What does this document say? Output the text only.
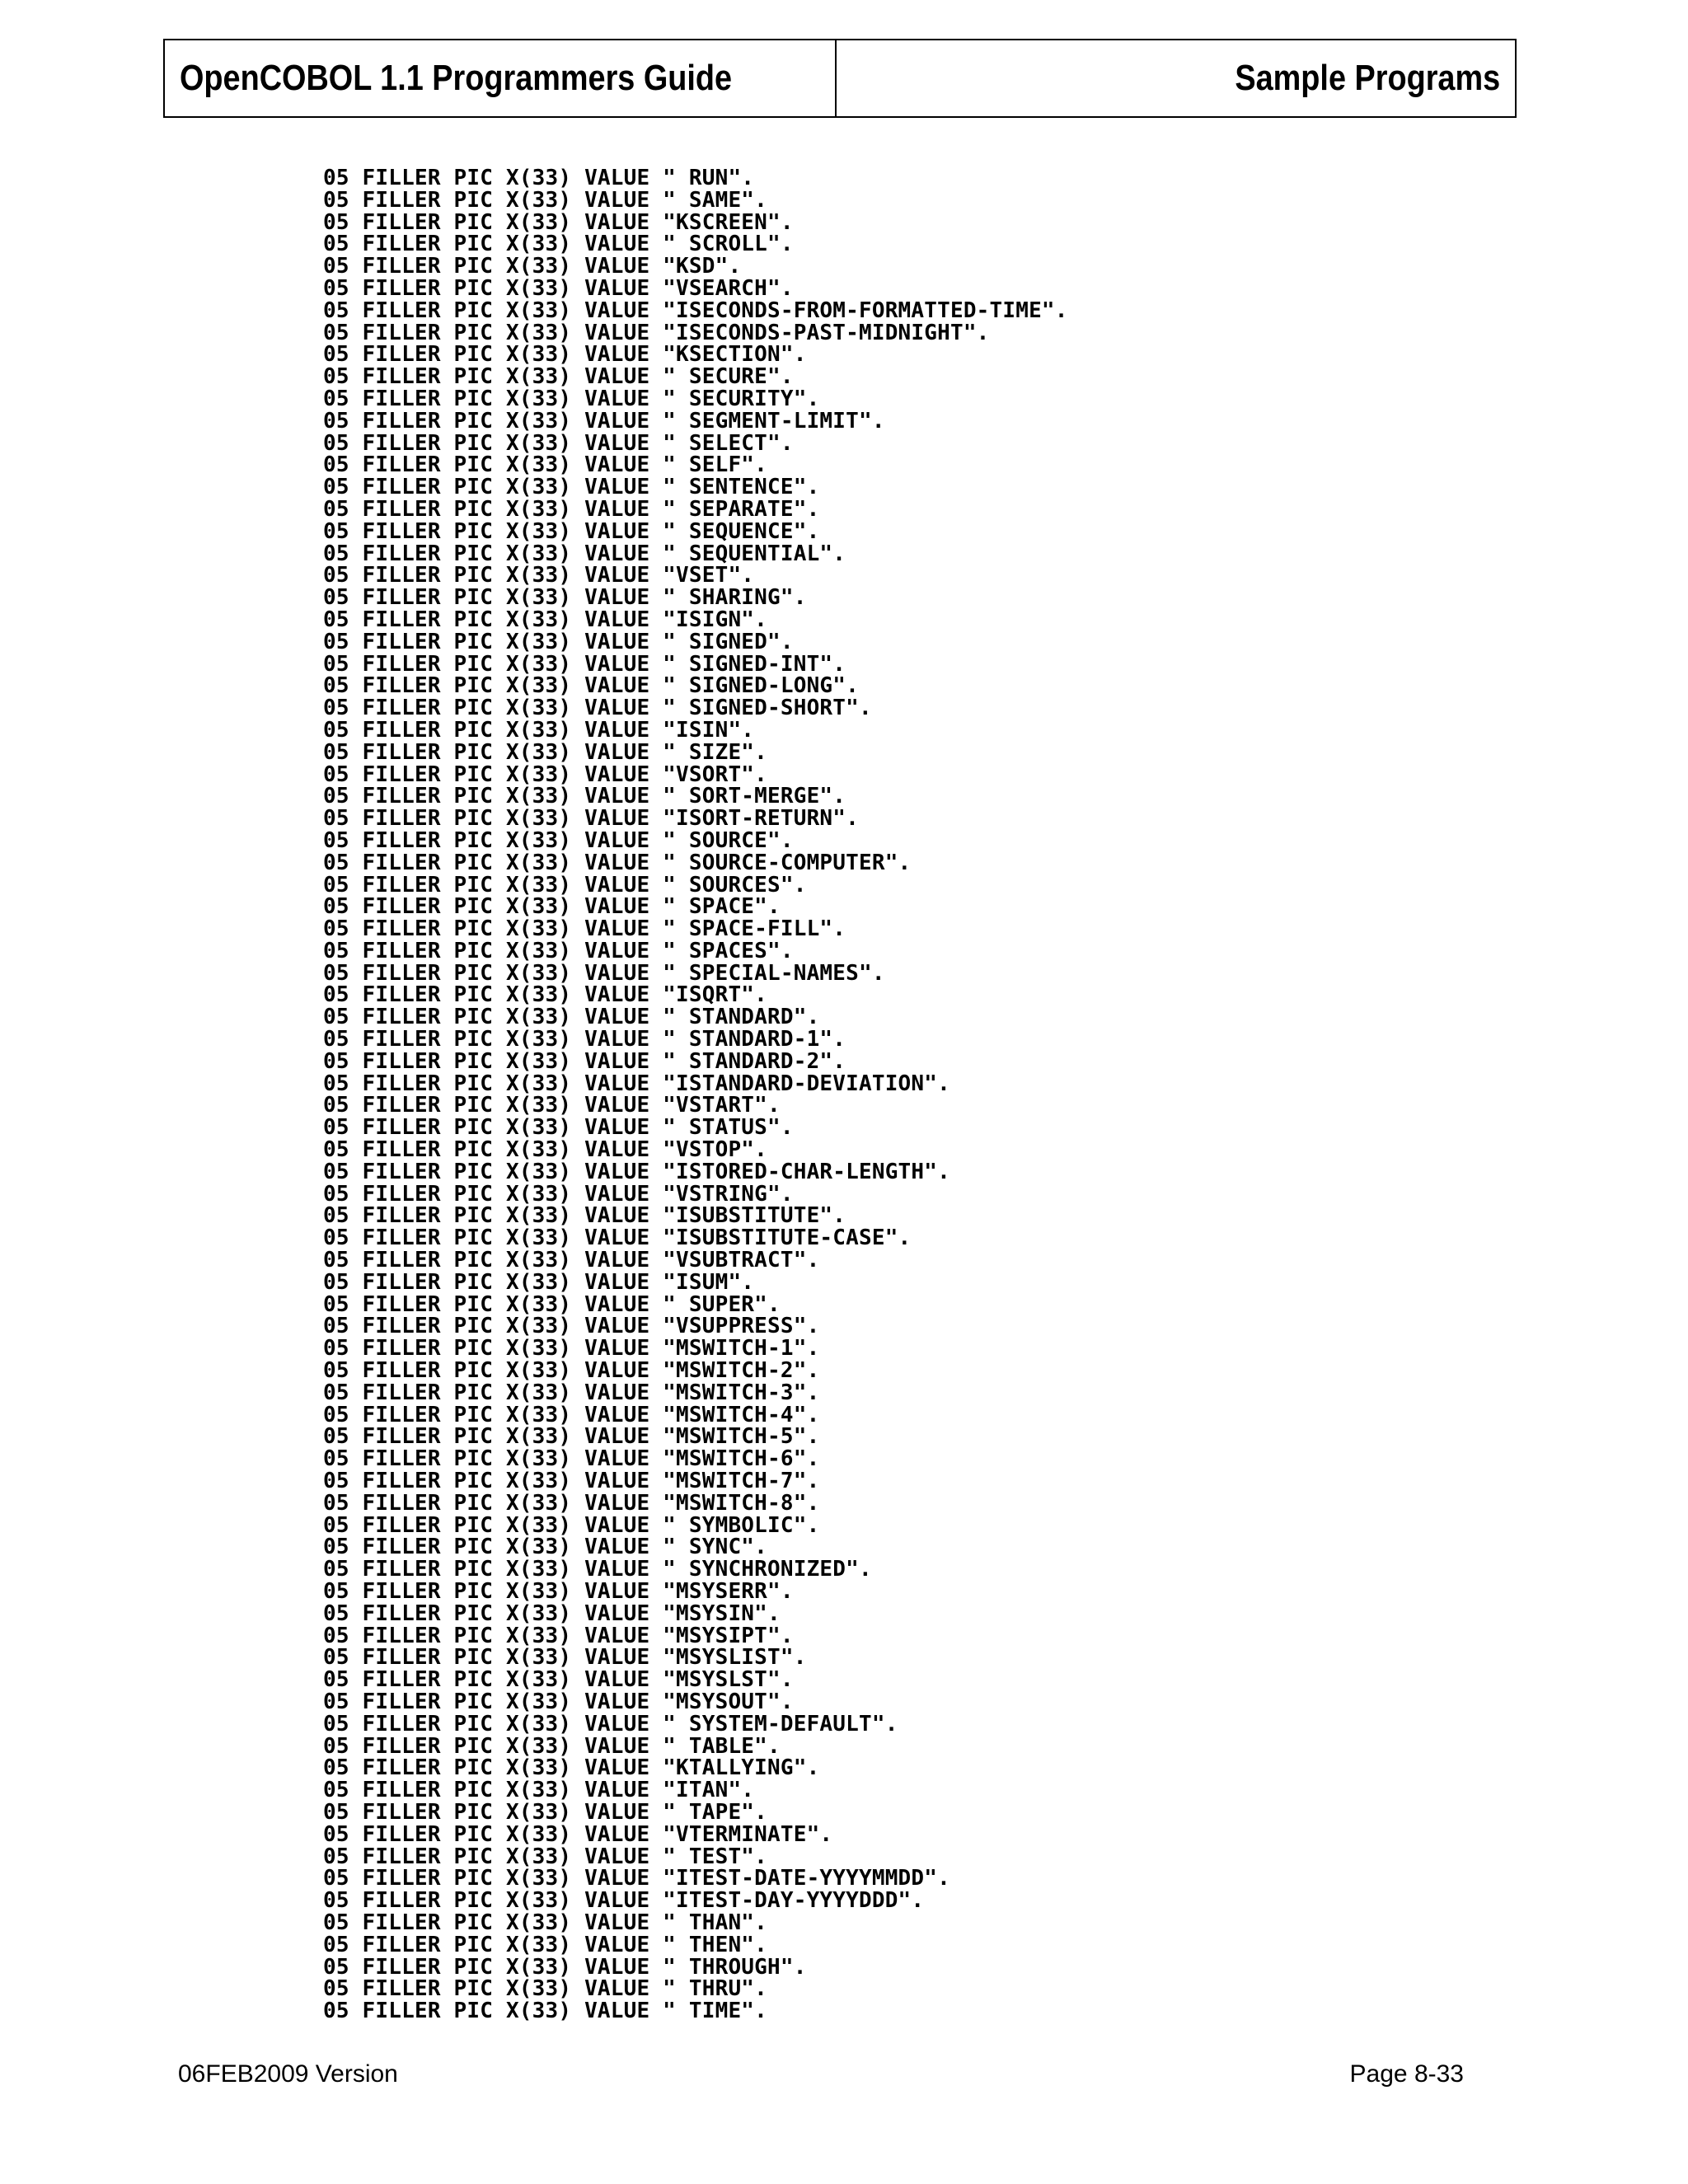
OpenCOBOL 1.1 Programmers Guide	Sample Programs
05 FILLER PIC X(33) VALUE " RUN".
05 FILLER PIC X(33) VALUE " SAME".
05 FILLER PIC X(33) VALUE "KSCREEN".
05 FILLER PIC X(33) VALUE " SCROLL".
05 FILLER PIC X(33) VALUE "KSD".
05 FILLER PIC X(33) VALUE "VSEARCH".
05 FILLER PIC X(33) VALUE "ISECONDS-FROM-FORMATTED-TIME".
05 FILLER PIC X(33) VALUE "ISECONDS-PAST-MIDNIGHT".
05 FILLER PIC X(33) VALUE "KSECTION".
05 FILLER PIC X(33) VALUE " SECURE".
05 FILLER PIC X(33) VALUE " SECURITY".
05 FILLER PIC X(33) VALUE " SEGMENT-LIMIT".
05 FILLER PIC X(33) VALUE " SELECT".
05 FILLER PIC X(33) VALUE " SELF".
05 FILLER PIC X(33) VALUE " SENTENCE".
05 FILLER PIC X(33) VALUE " SEPARATE".
05 FILLER PIC X(33) VALUE " SEQUENCE".
05 FILLER PIC X(33) VALUE " SEQUENTIAL".
05 FILLER PIC X(33) VALUE "VSET".
05 FILLER PIC X(33) VALUE " SHARING".
05 FILLER PIC X(33) VALUE "ISIGN".
05 FILLER PIC X(33) VALUE " SIGNED".
05 FILLER PIC X(33) VALUE " SIGNED-INT".
05 FILLER PIC X(33) VALUE " SIGNED-LONG".
05 FILLER PIC X(33) VALUE " SIGNED-SHORT".
05 FILLER PIC X(33) VALUE "ISIN".
05 FILLER PIC X(33) VALUE " SIZE".
05 FILLER PIC X(33) VALUE "VSORT".
05 FILLER PIC X(33) VALUE " SORT-MERGE".
05 FILLER PIC X(33) VALUE "ISORT-RETURN".
05 FILLER PIC X(33) VALUE " SOURCE".
05 FILLER PIC X(33) VALUE " SOURCE-COMPUTER".
05 FILLER PIC X(33) VALUE " SOURCES".
05 FILLER PIC X(33) VALUE " SPACE".
05 FILLER PIC X(33) VALUE " SPACE-FILL".
05 FILLER PIC X(33) VALUE " SPACES".
05 FILLER PIC X(33) VALUE " SPECIAL-NAMES".
05 FILLER PIC X(33) VALUE "ISQRT".
05 FILLER PIC X(33) VALUE " STANDARD".
05 FILLER PIC X(33) VALUE " STANDARD-1".
05 FILLER PIC X(33) VALUE " STANDARD-2".
05 FILLER PIC X(33) VALUE "ISTANDARD-DEVIATION".
05 FILLER PIC X(33) VALUE "VSTART".
05 FILLER PIC X(33) VALUE " STATUS".
05 FILLER PIC X(33) VALUE "VSTOP".
05 FILLER PIC X(33) VALUE "ISTORED-CHAR-LENGTH".
05 FILLER PIC X(33) VALUE "VSTRING".
05 FILLER PIC X(33) VALUE "ISUBSTITUTE".
05 FILLER PIC X(33) VALUE "ISUBSTITUTE-CASE".
05 FILLER PIC X(33) VALUE "VSUBTRACT".
05 FILLER PIC X(33) VALUE "ISUM".
05 FILLER PIC X(33) VALUE " SUPER".
05 FILLER PIC X(33) VALUE "VSUPPRESS".
05 FILLER PIC X(33) VALUE "MSWITCH-1".
05 FILLER PIC X(33) VALUE "MSWITCH-2".
05 FILLER PIC X(33) VALUE "MSWITCH-3".
05 FILLER PIC X(33) VALUE "MSWITCH-4".
05 FILLER PIC X(33) VALUE "MSWITCH-5".
05 FILLER PIC X(33) VALUE "MSWITCH-6".
05 FILLER PIC X(33) VALUE "MSWITCH-7".
05 FILLER PIC X(33) VALUE "MSWITCH-8".
05 FILLER PIC X(33) VALUE " SYMBOLIC".
05 FILLER PIC X(33) VALUE " SYNC".
05 FILLER PIC X(33) VALUE " SYNCHRONIZED".
05 FILLER PIC X(33) VALUE "MSYSERR".
05 FILLER PIC X(33) VALUE "MSYSIN".
05 FILLER PIC X(33) VALUE "MSYSIPT".
05 FILLER PIC X(33) VALUE "MSYSLIST".
05 FILLER PIC X(33) VALUE "MSYSLST".
05 FILLER PIC X(33) VALUE "MSYSOUT".
05 FILLER PIC X(33) VALUE " SYSTEM-DEFAULT".
05 FILLER PIC X(33) VALUE " TABLE".
05 FILLER PIC X(33) VALUE "KTALLYING".
05 FILLER PIC X(33) VALUE "ITAN".
05 FILLER PIC X(33) VALUE " TAPE".
05 FILLER PIC X(33) VALUE "VTERMINATE".
05 FILLER PIC X(33) VALUE " TEST".
05 FILLER PIC X(33) VALUE "ITEST-DATE-YYYYMMDD".
05 FILLER PIC X(33) VALUE "ITEST-DAY-YYYYDDD".
05 FILLER PIC X(33) VALUE " THAN".
05 FILLER PIC X(33) VALUE " THEN".
05 FILLER PIC X(33) VALUE " THROUGH".
05 FILLER PIC X(33) VALUE " THRU".
05 FILLER PIC X(33) VALUE " TIME".
06FEB2009 Version	Page 8-33
